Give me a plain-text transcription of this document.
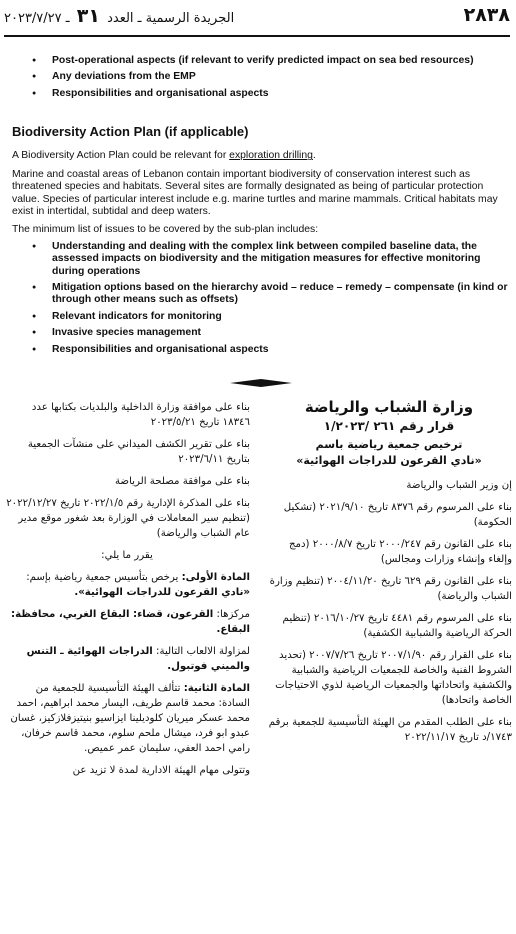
٢٨٣٨
الجريدة الرسمية ـ العدد ٣١ ـ ٢٠٢٣/٧/٢٧
● Post-operational aspects (if relevant to verify predicted impact on sea bed resources)
● Any deviations from the EMP
● Responsibilities and organisational aspects

Biodiversity Action Plan (if applicable)

A Biodiversity Action Plan could be relevant for exploration drilling.

Marine and coastal areas of Lebanon contain important biodiversity of conservation interest such as threatened species and habitats. Several sites are formally designated as being of particular protection value. Species of particular interest include e.g. marine turtles and marine mammals. Critical habitats may exist in intertidal, subtidal and deep waters.

The minimum list of issues to be covered by the sub-plan includes:

● Understanding and dealing with the complex link between compiled baseline data, the assessed impacts on biodiversity and the mitigation measures for effective monitoring during operations
● Mitigation options based on the hierarchy avoid – reduce – remedy – compensate (in kind or through other means such as offsets)
● Relevant indicators for monitoring
● Invasive species management
● Responsibilities and organisational aspects

وزارة الشباب والرياضة

قرار رقم ٢٦١ /١/٢٠٢٣

ترخيص جمعية رياضية باسم

«نادي القرعون للدراجات الهوائية»

إن وزير الشباب والرياضة

بناء على المرسوم رقم ٨٣٧٦ تاريخ ٢٠٢١/٩/١٠ (تشكيل الحكومة)

بناء على القانون رقم ٢٠٠٠/٢٤٧ تاريخ ٢٠٠٠/٨/٧ (دمج وإلغاء وإنشاء وزارات ومجالس)

بناء على القانون رقم ٦٢٩ تاريخ ٢٠٠٤/١١/٢٠ (تنظيم وزارة الشباب والرياضة)

بناء على المرسوم رقم ٤٤٨١ تاريخ ٢٠١٦/١٠/٢٧ (تنظيم الحركة الرياضية والشبابية الكشفية)

بناء على القرار رقم ٢٠٠٧/١/٩٠ تاريخ ٢٠٠٧/٧/٢٦ (تحديد الشروط الفنية والخاصة للجمعيات الرياضية والشبابية والكشفية واتحاداتها والجمعيات الرياضية لذوي الاحتياجات الخاصة واتحادها)

بناء على الطلب المقدم من الهيئة التأسيسية للجمعية برقم ١٧٤٣/د تاريخ ٢٠٢٢/١١/١٧

بناء على موافقة وزارة الداخلية والبلديات بكتابها عدد ١٨٣٤٦ تاريخ ٢٠٢٣/٥/٢١

بناء على تقرير الكشف الميداني على منشآت الجمعية بتاريخ ٢٠٢٣/٦/١١

بناء على موافقة مصلحة الرياضة

بناء على المذكرة الإدارية رقم ٢٠٢٢/١/٥ تاريخ ٢٠٢٢/١٢/٢٧ (تنظيم سير المعاملات في الوزارة بعد شغور موقع مدير عام الشباب والرياضة)

يقرر ما يلي:

المادة الأولى: يرخص بتأسيس جمعية رياضية بإسم: «نادي القرعون للدراجات الهوائية».

مركزها: القرعون، قضاء: البقاع الغربي، محافظة: البقاع.

لمزاولة الالعاب التالية: الدراجات الهوائية ـ التنس والميني فوتبول.

المادة الثانية: تتألف الهيئة التأسيسية للجمعية من السادة: محمد قاسم طريف، اليسار محمد ابراهيم، احمد محمد عسكر ميريان كلوديلينا ايزاسيو بنيتيزفلازكيز، غسان عبدو ابو فرد، ميشال ملحم سلوم، محمد قاسم خرفان، رامي احمد العفي، سليمان عمر عميص.

وتتولى مهام الهيئة الادارية لمدة لا تزيد عن
